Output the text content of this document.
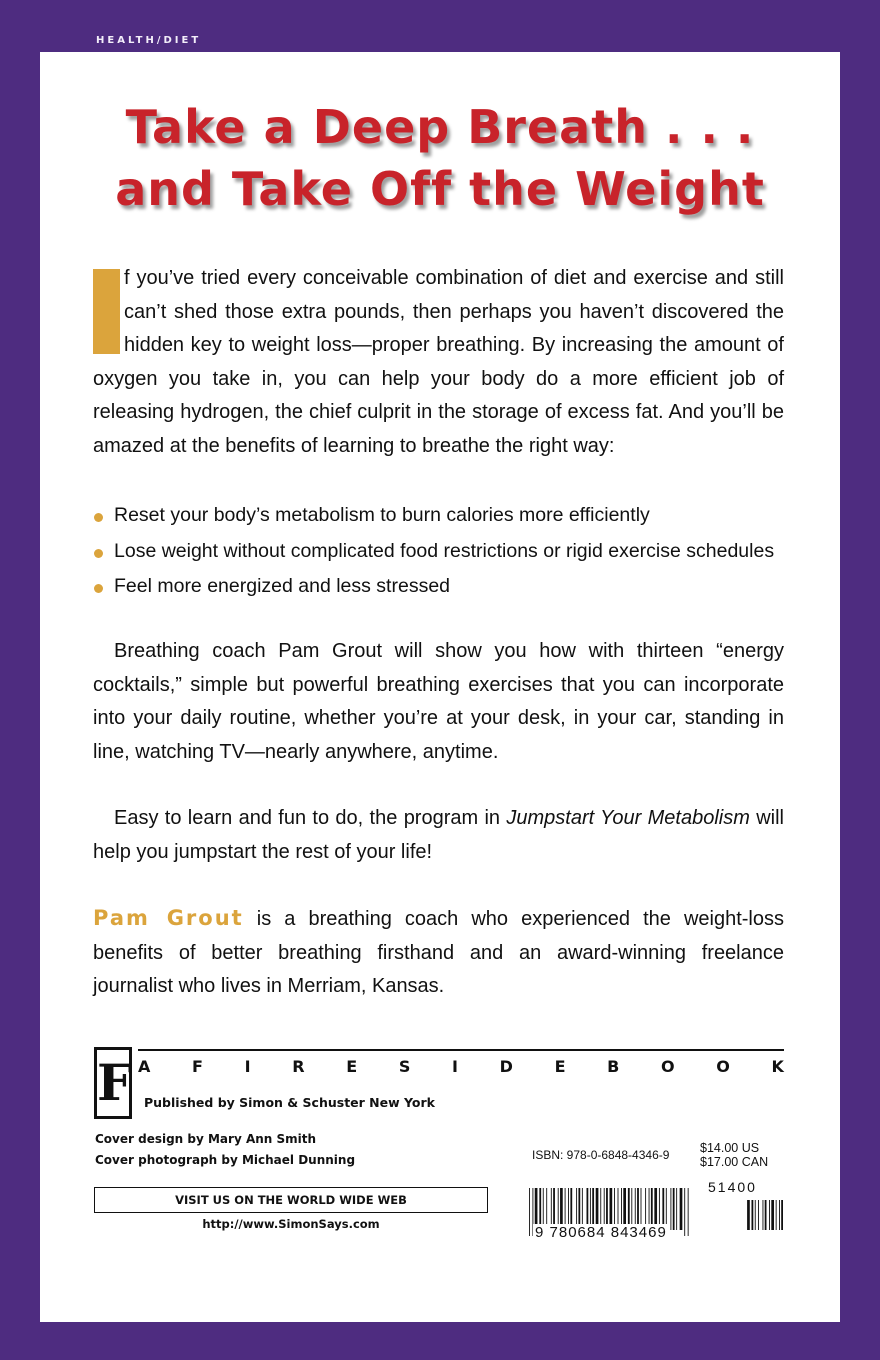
HEALTH/DIET
Take a Deep Breath . . .
and Take Off the Weight
f you’ve tried every conceivable combination of diet and exercise and still can’t shed those extra pounds, then perhaps you haven’t discovered the hidden key to weight loss—proper breathing. By increasing the amount of oxygen you take in, you can help your body do a more efficient job of releasing hydrogen, the chief culprit in the storage of excess fat. And you’ll be amazed at the benefits of learning to breathe the right way:
Reset your body’s metabolism to burn calories more efficiently
Lose weight without complicated food restrictions or rigid exercise schedules
Feel more energized and less stressed
Breathing coach Pam Grout will show you how with thirteen “energy cocktails,” simple but powerful breathing exercises that you can incorporate into your daily routine, whether you’re at your desk, in your car, standing in line, watching TV—nearly anywhere, anytime.
Easy to learn and fun to do, the program in Jumpstart Your Metabolism will help you jumpstart the rest of your life!
Pam Grout is a breathing coach who experienced the weight-loss benefits of better breathing firsthand and an award-winning freelance journalist who lives in Merriam, Kansas.
F A	F	I	R	E	S	I	D	E	B	O	O	K
Published by Simon & Schuster New York
Cover design by Mary Ann Smith
Cover photograph by Michael Dunning
VISIT US ON THE WORLD WIDE WEB http://www.SimonSays.com
ISBN: 978-0-6848-4346-9 $14.00 US
$17.00 CAN
51400
9 780684 843469
